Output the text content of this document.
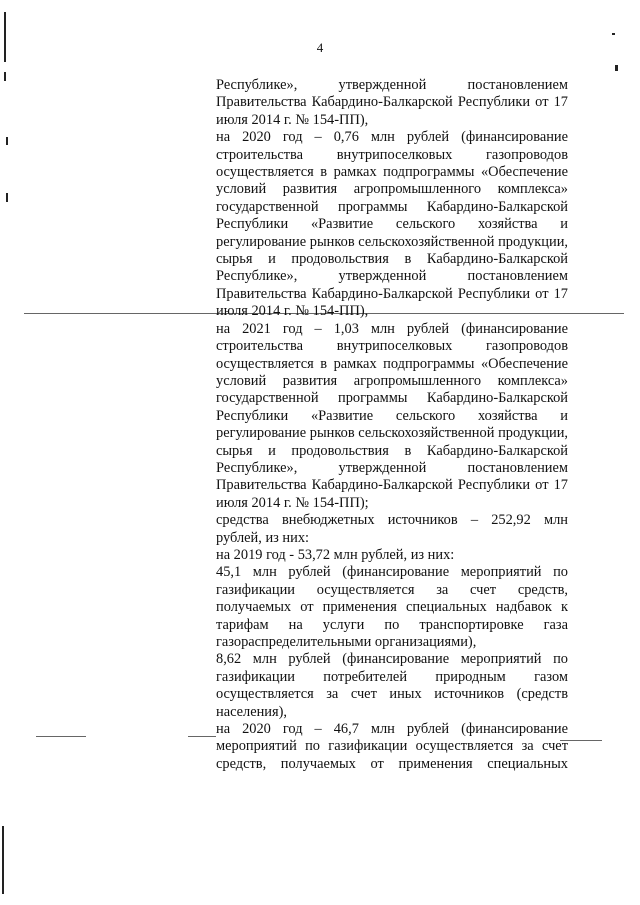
4

Республике», утвержденной постановлением Правительства Кабардино-Балкарской Республики от 17 июля 2014 г. № 154-ПП),

на 2020 год – 0,76 млн рублей (финансирование строительства внутрипоселковых газопроводов осуществляется в рамках подпрограммы «Обеспечение условий развития агропромышленного комплекса» государственной программы Кабардино-Балкарской Республики «Развитие сельского хозяйства и регулирование рынков сельскохозяйственной продукции, сырья и продовольствия в Кабардино-Балкарской Республике», утвержденной постановлением Правительства Кабардино-Балкарской Республики от 17 июля 2014 г. № 154-ПП),

на 2021 год – 1,03 млн рублей (финансирование строительства внутрипоселковых газопроводов осуществляется в рамках подпрограммы «Обеспечение условий развития агропромышленного комплекса» государственной программы Кабардино-Балкарской Республики «Развитие сельского хозяйства и регулирование рынков сельскохозяйственной продукции, сырья и продовольствия в Кабардино-Балкарской Республике», утвержденной постановлением Правительства Кабардино-Балкарской Республики от 17 июля 2014 г. № 154-ПП);

средства внебюджетных источников – 252,92 млн рублей, из них:

на 2019 год - 53,72 млн рублей, из них:

45,1 млн рублей (финансирование мероприятий по газификации осуществляется за счет средств, получаемых от применения специальных надбавок к тарифам на услуги по транспортировке газа газораспределительными организациями),

8,62 млн рублей (финансирование мероприятий по газификации потребителей природным газом осуществляется за счет иных источников (средств населения),

на 2020 год – 46,7 млн рублей (финансирование мероприятий по газификации осуществляется за счет средств, получаемых от применения специальных
